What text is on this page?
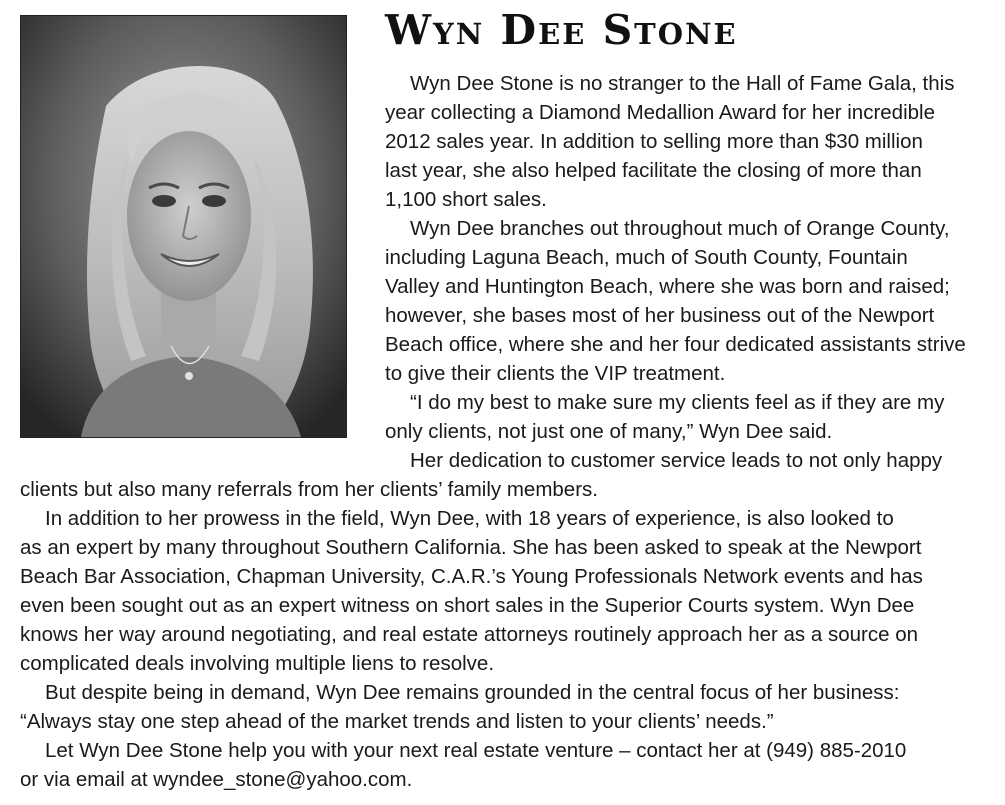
Wyn Dee Stone
Wyn Dee Stone is no stranger to the Hall of Fame Gala, this
year collecting a Diamond Medallion Award for her incredible
2012 sales year. In addition to selling more than $30 million
last year, she also helped facilitate the closing of more than
1,100 short sales.
Wyn Dee branches out throughout much of Orange County,
including Laguna Beach, much of South County, Fountain
Valley and Huntington Beach, where she was born and raised;
however, she bases most of her business out of the Newport
Beach office, where she and her four dedicated assistants strive
to give their clients the VIP treatment.
“I do my best to make sure my clients feel as if they are my
only clients, not just one of many,” Wyn Dee said.
Her dedication to customer service leads to not only happy
clients but also many referrals from her clients’ family members.
In addition to her prowess in the field, Wyn Dee, with 18 years of experience, is also looked to
as an expert by many throughout Southern California. She has been asked to speak at the Newport
Beach Bar Association, Chapman University, C.A.R.’s Young Professionals Network events and has
even been sought out as an expert witness on short sales in the Superior Courts system. Wyn Dee
knows her way around negotiating, and real estate attorneys routinely approach her as a source on
complicated deals involving multiple liens to resolve.
But despite being in demand, Wyn Dee remains grounded in the central focus of her business:
“Always stay one step ahead of the market trends and listen to your clients’ needs.”
Let Wyn Dee Stone help you with your next real estate venture – contact her at (949) 885-2010
or via email at wyndee_stone@yahoo.com.
